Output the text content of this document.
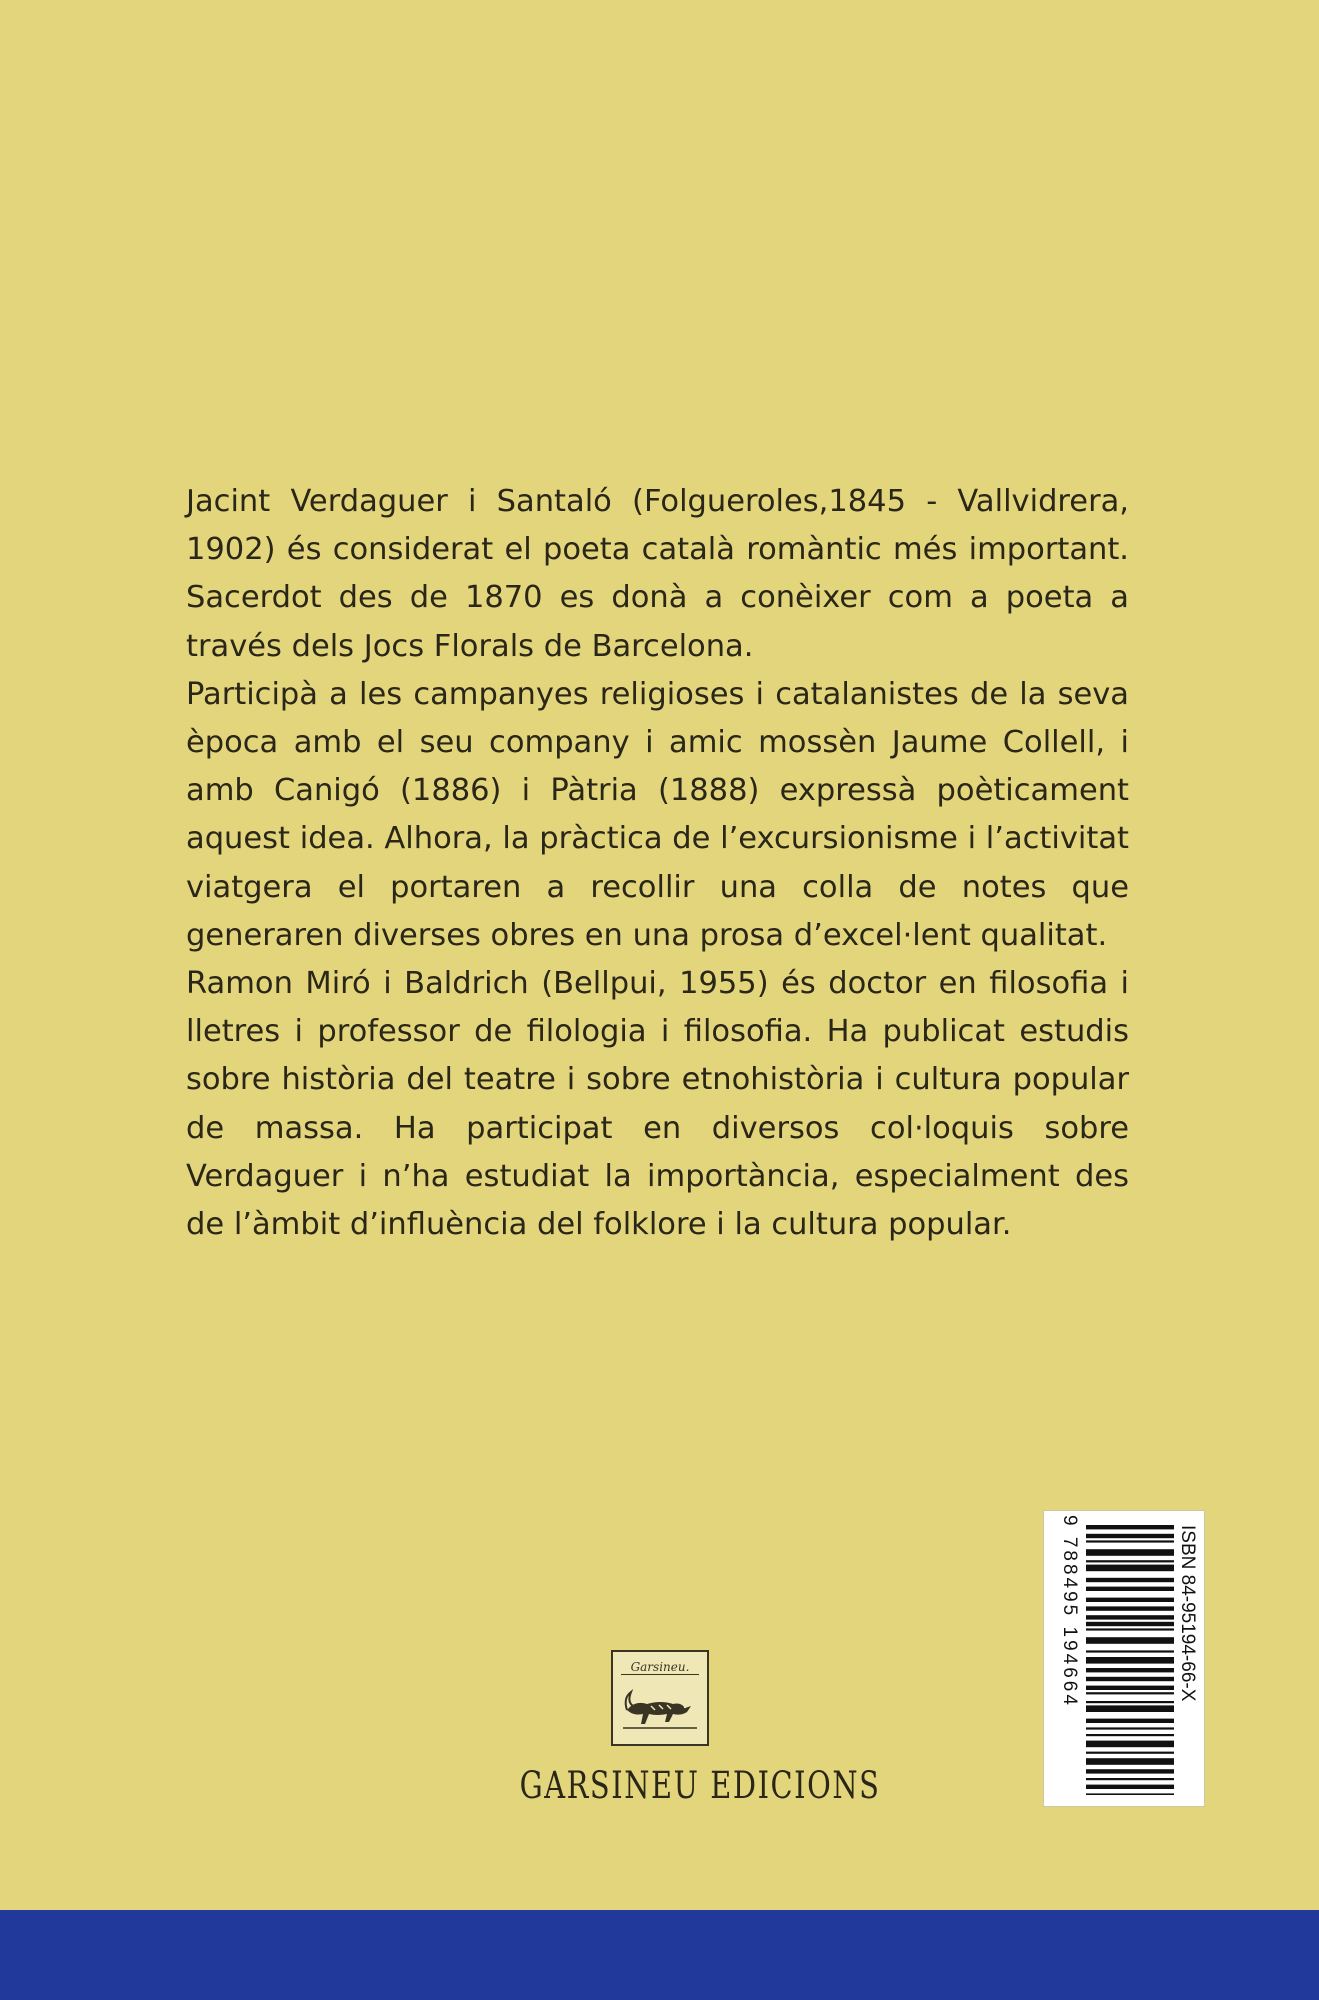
Jacint Verdaguer i Santaló (Folgueroles,1845 - Vallvidrera, 1902) és considerat el poeta català romàntic més important. Sacerdot des de 1870 es donà a conèixer com a poeta a través dels Jocs Florals de Barcelona.

Participà a les campanyes religioses i catalanistes de la seva època amb el seu company i amic mossèn Jaume Collell, i amb Canigó (1886) i Pàtria (1888) expressà poèticament aquest idea. Alhora, la pràctica de l’excursionisme i l’activitat viatgera el portaren a recollir una colla de notes que generaren diverses obres en una prosa d’excel·lent qualitat.

Ramon Miró i Baldrich (Bellpui, 1955) és doctor en filosofia i lletres i professor de filologia i filosofia. Ha publicat estudis sobre història del teatre i sobre etnohistòria i cultura popular de massa. Ha participat en diversos col·loquis sobre Verdaguer i n’ha estudiat la importància, especialment des de l’àmbit d’influència del folklore i la cultura popular.

Garsineu.
GARSINEU EDICIONS
ISBN 84-95194-66-X
9 788495 194664
